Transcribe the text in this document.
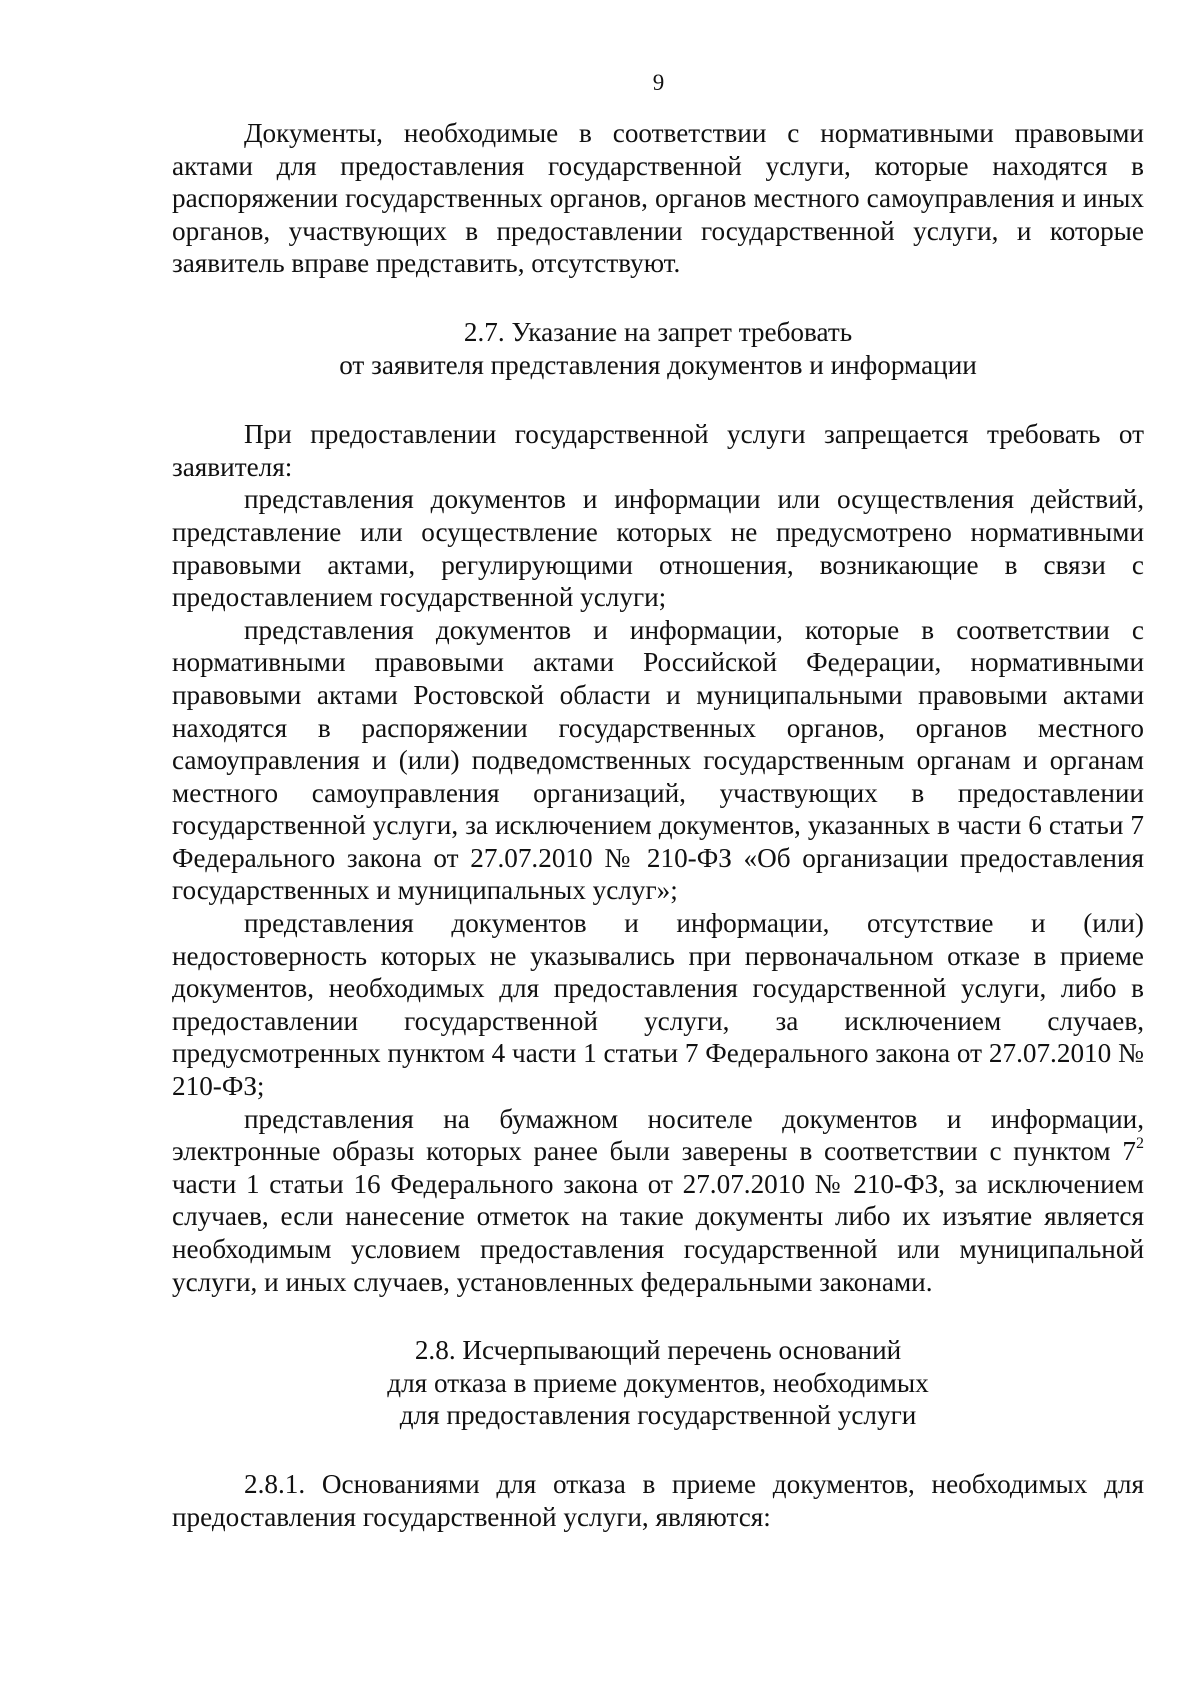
9

Документы, необходимые в соответствии с нормативными правовыми актами для предоставления государственной услуги, которые находятся в распоряжении государственных органов, органов местного самоуправления и иных органов, участвующих в предоставлении государственной услуги, и которые заявитель вправе представить, отсутствуют.

2.7. Указание на запрет требовать
от заявителя представления документов и информации

При предоставлении государственной услуги запрещается требовать от заявителя:

представления документов и информации или осуществления действий, представление или осуществление которых не предусмотрено нормативными правовыми актами, регулирующими отношения, возникающие в связи с предоставлением государственной услуги;

представления документов и информации, которые в соответствии с нормативными правовыми актами Российской Федерации, нормативными правовыми актами Ростовской области и муниципальными правовыми актами находятся в распоряжении государственных органов, органов местного самоуправления и (или) подведомственных государственным органам и органам местного самоуправления организаций, участвующих в предоставлении государственной услуги, за исключением документов, указанных в части 6 статьи 7 Федерального закона от 27.07.2010 № 210-ФЗ «Об организации предоставления государственных и муниципальных услуг»;

представления документов и информации, отсутствие и (или) недостоверность которых не указывались при первоначальном отказе в приеме документов, необходимых для предоставления государственной услуги, либо в предоставлении государственной услуги, за исключением случаев, предусмотренных пунктом 4 части 1 статьи 7 Федерального закона от 27.07.2010 № 210-ФЗ;

представления на бумажном носителе документов и информации, электронные образы которых ранее были заверены в соответствии с пунктом $7^2$ части 1 статьи 16 Федерального закона от 27.07.2010 № 210-ФЗ, за исключением случаев, если нанесение отметок на такие документы либо их изъятие является необходимым условием предоставления государственной или муниципальной услуги, и иных случаев, установленных федеральными законами.

2.8. Исчерпывающий перечень оснований
для отказа в приеме документов, необходимых
для предоставления государственной услуги

2.8.1. Основаниями для отказа в приеме документов, необходимых для предоставления государственной услуги, являются:
